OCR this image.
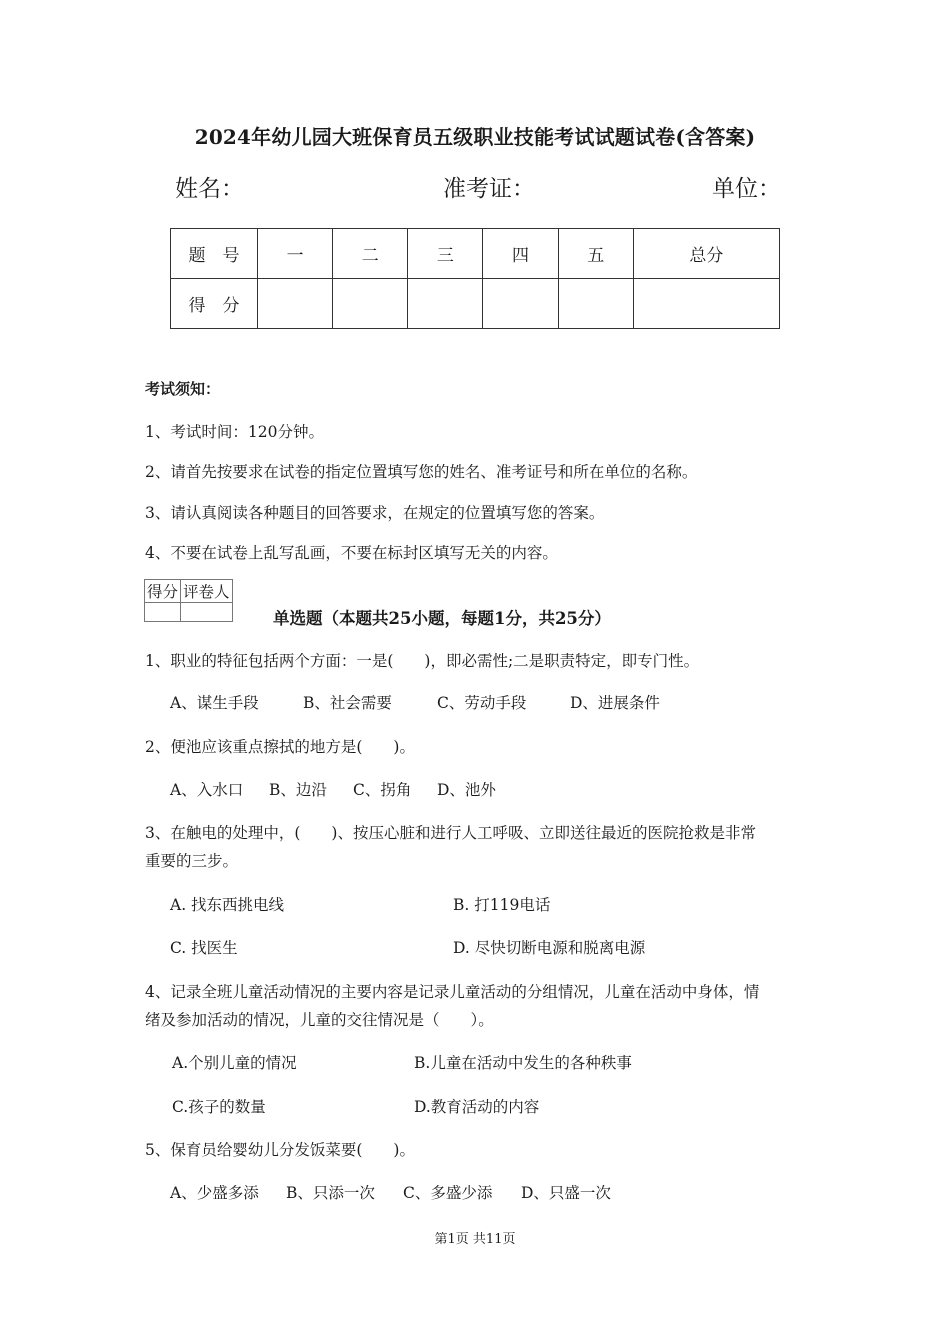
2024年幼儿园大班保育员五级职业技能考试试题试卷(含答案)
姓名：	准考证：	单位：
题　号	一	二	三	四	五	总分
得　分						
考试须知：
1、考试时间：120分钟。
2、请首先按要求在试卷的指定位置填写您的姓名、准考证号和所在单位的名称。
3、请认真阅读各种题目的回答要求，在规定的位置填写您的答案。
4、不要在试卷上乱写乱画，不要在标封区填写无关的内容。
得分	评卷人

单选题（本题共25小题，每题1分，共25分）
1、职业的特征包括两个方面：一是(　　)，即必需性;二是职责特定，即专门性。
A、谋生手段	B、社会需要	C、劳动手段	D、进展条件
2、便池应该重点擦拭的地方是(　　)。
A、入水口 B、边沿 C、拐角 D、池外
3、在触电的处理中，(　　)、按压心脏和进行人工呼吸、立即送往最近的医院抢救是非常
重要的三步。
A. 找东西挑电线	B. 打119电话
C. 找医生	D. 尽快切断电源和脱离电源
4、记录全班儿童活动情况的主要内容是记录儿童活动的分组情况，儿童在活动中身体，情
绪及参加活动的情况，儿童的交往情况是（　　）。
A.个别儿童的情况	B.儿童在活动中发生的各种秩事
C.孩子的数量	D.教育活动的内容
5、保育员给婴幼儿分发饭菜要(　　)。
A、少盛多添 B、只添一次 C、多盛少添 D、只盛一次
第1页 共11页
